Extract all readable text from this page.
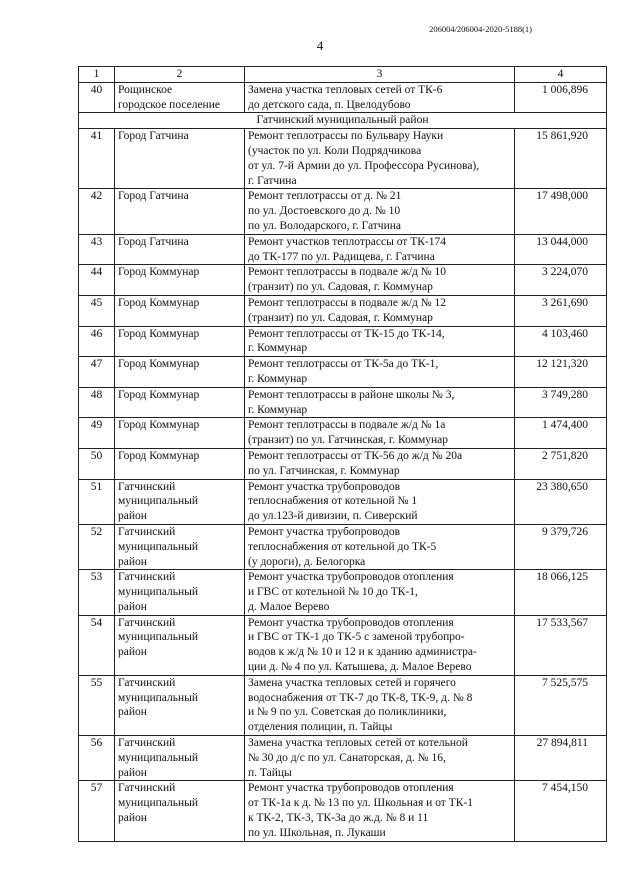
206004/206004-2020-5188(1)
4
1	2	3	4
40	Рощинское
городское поселение	Замена участка тепловых сетей от ТК-6
до детского сада, п. Цвелодубово	1 006,896
Гатчинский муниципальный район			
41	Город Гатчина	Ремонт теплотрассы по Бульвару Науки
(участок по ул. Коли Подрядчикова
от ул. 7-й Армии до ул. Профессора Русинова),
г. Гатчина	15 861,920
42	Город Гатчина	Ремонт теплотрассы от д. № 21
по ул. Достоевского до д. № 10
по ул. Володарского, г. Гатчина	17 498,000
43	Город Гатчина	Ремонт участков теплотрассы от ТК-174
до ТК-177 по ул. Радищева, г. Гатчина	13 044,000
44	Город Коммунар	Ремонт теплотрассы в подвале ж/д № 10
(транзит) по ул. Садовая, г. Коммунар	3 224,070
45	Город Коммунар	Ремонт теплотрассы в подвале ж/д № 12
(транзит) по ул. Садовая, г. Коммунар	3 261,690
46	Город Коммунар	Ремонт теплотрассы от ТК-15 до ТК-14,
г. Коммунар	4 103,460
47	Город Коммунар	Ремонт теплотрассы от ТК-5а до ТК-1,
г. Коммунар	12 121,320
48	Город Коммунар	Ремонт теплотрассы в районе школы № 3,
г. Коммунар	3 749,280
49	Город Коммунар	Ремонт теплотрассы в подвале ж/д № 1а
(транзит) по ул. Гатчинская, г. Коммунар	1 474,400
50	Город Коммунар	Ремонт теплотрассы от ТК-56 до ж/д № 20а
по ул. Гатчинская, г. Коммунар	2 751,820
51	Гатчинский
муниципальный
район	Ремонт участка трубопроводов
теплоснабжения от котельной № 1
до ул.123-й дивизии, п. Сиверский	23 380,650
52	Гатчинский
муниципальный
район	Ремонт участка трубопроводов
теплоснабжения от котельной до ТК-5
(у дороги), д. Белогорка	9 379,726
53	Гатчинский
муниципальный
район	Ремонт участка трубопроводов отопления
и ГВС от котельной № 10 до ТК-1,
д. Малое Верево	18 066,125
54	Гатчинский
муниципальный
район	Ремонт участка трубопроводов отопления
и ГВС от ТК-1 до ТК-5 с заменой трубопро-
водов к ж/д № 10 и 12 и к зданию администра-
ции д. № 4 по ул. Катышева, д. Малое Верево	17 533,567
55	Гатчинский
муниципальный
район	Замена участка тепловых сетей и горячего
водоснабжения от ТК-7 до ТК-8, ТК-9, д. № 8
и № 9 по ул. Советская до поликлиники,
отделения полиции, п. Тайцы	7 525,575
56	Гатчинский
муниципальный
район	Замена участка тепловых сетей от котельной
№ 30 до д/с по ул. Санаторская, д. № 16,
п. Тайцы	27 894,811
57	Гатчинский
муниципальный
район	Ремонт участка трубопроводов отопления
от ТК-1а к д. № 13 по ул. Школьная и от ТК-1
к ТК-2, ТК-3, ТК-3а до ж.д. № 8 и 11
по ул. Школьная, п. Лукаши	7 454,150
